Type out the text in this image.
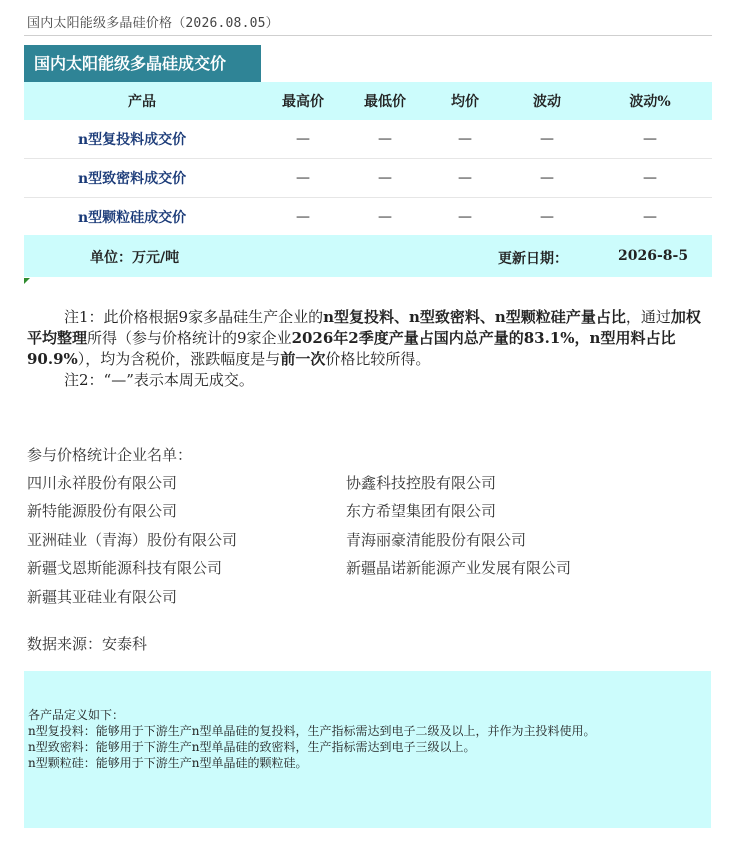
国内太阳能级多晶硅价格（2026.08.05）
国内太阳能级多晶硅成交价
产品	最高价	最低价	均价	波动	波动%
n型复投料成交价	—	—	—	—	—
n型致密料成交价	—	—	—	—	—
n型颗粒硅成交价	—	—	—	—	—
单位：万元/吨	更新日期：	2026-8-5
注1：此价格根据9家多晶硅生产企业的n型复投料、n型致密料、n型颗粒硅产量占比，通过加权平均整理所得（参与价格统计的9家企业2026年2季度产量占国内总产量的83.1%，n型用料占比90.9%），均为含税价，涨跌幅度是与前一次价格比较所得。
注2：“—”表示本周无成交。
参与价格统计企业名单：
四川永祥股份有限公司
新特能源股份有限公司
亚洲硅业（青海）股份有限公司
新疆戈恩斯能源科技有限公司
新疆其亚硅业有限公司
协鑫科技控股有限公司
东方希望集团有限公司
青海丽豪清能股份有限公司
新疆晶诺新能源产业发展有限公司
数据来源：安泰科
各产品定义如下：
n型复投料：能够用于下游生产n型单晶硅的复投料，生产指标需达到电子二级及以上，并作为主投料使用。
n型致密料：能够用于下游生产n型单晶硅的致密料，生产指标需达到电子三级以上。
n型颗粒硅：能够用于下游生产n型单晶硅的颗粒硅。
